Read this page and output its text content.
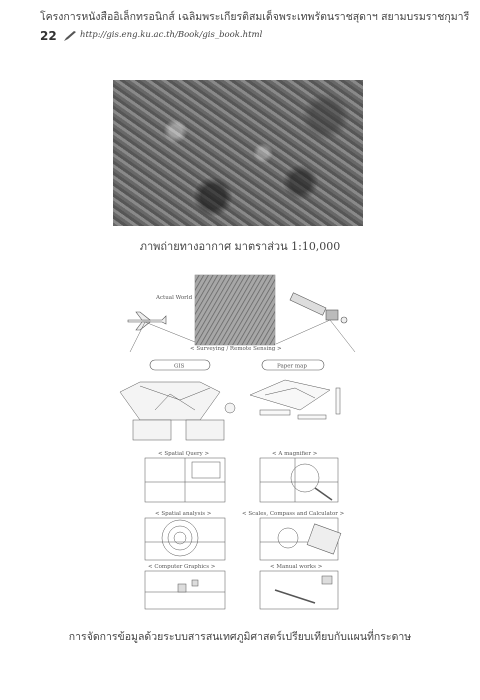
โครงการหนังสืออิเล็กทรอนิกส์ เฉลิมพระเกียรติสมเด็จพระเทพรัตนราชสุดาฯ สยามบรมราชกุมารี
22	http://gis.eng.ku.ac.th/Book/gis_book.html
ภาพถ่ายทางอากาศ มาตราส่วน 1:10,000
Actual World
< Surveying / Remote Sensing >
GIS	Paper map
< Spatial Query >	< A magnifier >
< Spatial analysis >	< Scales, Compass and Calculator >
< Computer Graphics >	< Manual works >
การจัดการข้อมูลด้วยระบบสารสนเทศภูมิศาสตร์เปรียบเทียบกับแผนที่กระดาษ
